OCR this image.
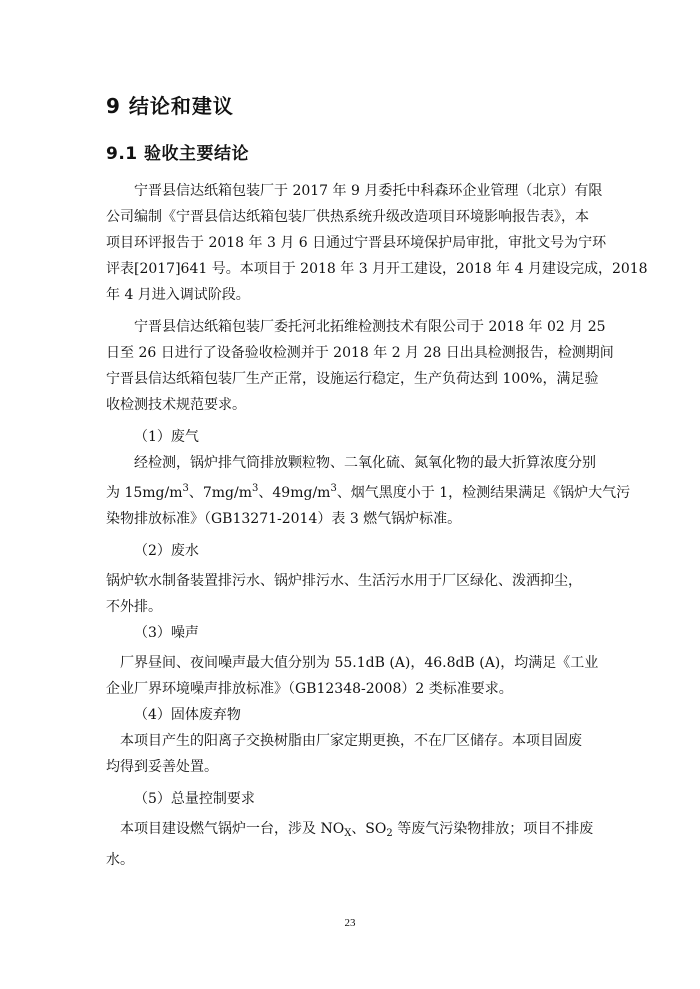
9 结论和建议
9.1 验收主要结论
宁晋县信达纸箱包装厂于 2017 年 9 月委托中科森环企业管理（北京）有限
公司编制《宁晋县信达纸箱包装厂供热系统升级改造项目环境影响报告表》，本
项目环评报告于 2018 年 3 月 6 日通过宁晋县环境保护局审批，审批文号为宁环
评表[2017]641 号。本项目于 2018 年 3 月开工建设，2018 年 4 月建设完成，2018
年 4 月进入调试阶段。
宁晋县信达纸箱包装厂委托河北拓维检测技术有限公司于 2018 年 02 月 25
日至 26 日进行了设备验收检测并于 2018 年 2 月 28 日出具检测报告，检测期间
宁晋县信达纸箱包装厂生产正常，设施运行稳定，生产负荷达到 100%，满足验
收检测技术规范要求。
（1）废气
经检测，锅炉排气筒排放颗粒物、二氧化硫、氮氧化物的最大折算浓度分别
为 $15mg/m^3$、$7mg/m^3$、$49mg/m^3$、烟气黑度小于 1，检测结果满足《锅炉大气污
染物排放标准》（GB13271-2014）表 3 燃气锅炉标准。
（2）废水
锅炉软水制备装置排污水、锅炉排污水、生活污水用于厂区绿化、泼洒抑尘，
不外排。
（3）噪声
厂界昼间、夜间噪声最大值分别为 55.1dB (A)，46.8dB (A)，均满足《工业
企业厂界环境噪声排放标准》（GB12348-2008）2 类标准要求。
（4）固体废弃物
本项目产生的阳离子交换树脂由厂家定期更换，不在厂区储存。本项目固废
均得到妥善处置。
（5）总量控制要求
本项目建设燃气锅炉一台，涉及 $NO_X$、$SO_2$ 等废气污染物排放；项目不排废
水。
23
